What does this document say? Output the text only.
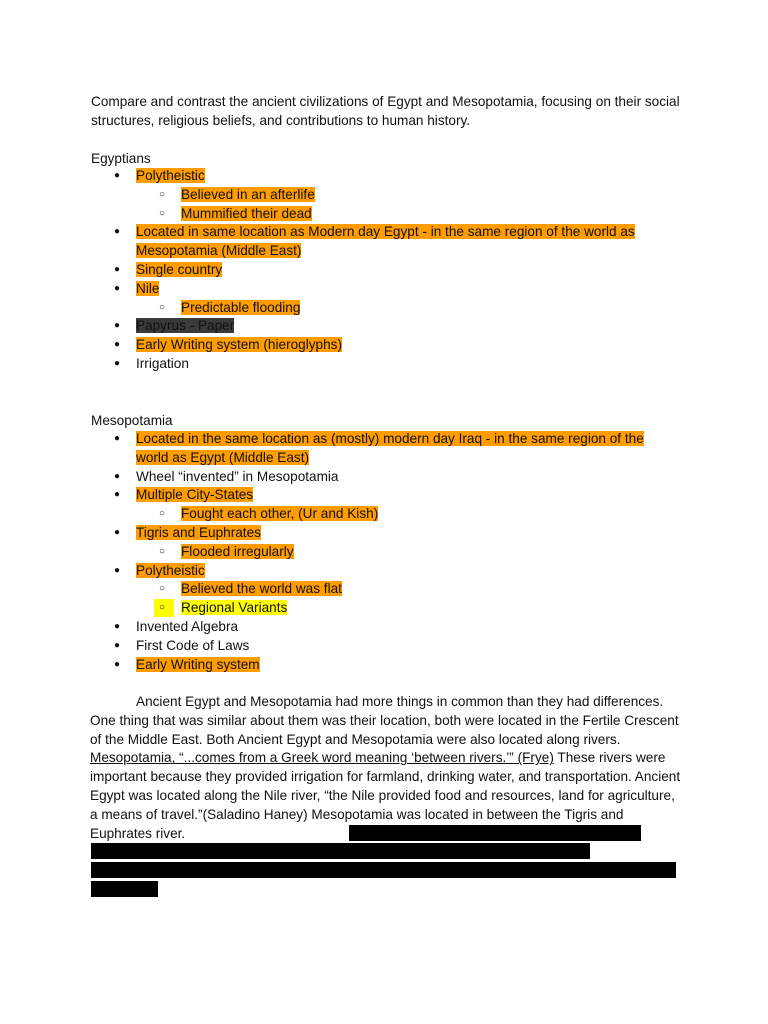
Compare and contrast the ancient civilizations of Egypt and Mesopotamia, focusing on their social structures, religious beliefs, and contributions to human history.

Egyptians

● Polytheistic
○ Believed in an afterlife
○ Mummified their dead
● Located in same location as Modern day Egypt - in the same region of the world as Mesopotamia (Middle East)
● Single country
● Nile
○ Predictable flooding
● Papyrus - Paper
● Early Writing system (hieroglyphs)
● Irrigation

Mesopotamia

● Located in the same location as (mostly) modern day Iraq - in the same region of the world as Egypt (Middle East)
● Wheel “invented” in Mesopotamia
● Multiple City-States
○ Fought each other, (Ur and Kish)
● Tigris and Euphrates
○ Flooded irregularly
● Polytheistic
○ Believed the world was flat
○ Regional Variants
● Invented Algebra
● First Code of Laws
● Early Writing system

Ancient Egypt and Mesopotamia had more things in common than they had differences. One thing that was similar about them was their location, both were located in the Fertile Crescent of the Middle East. Both Ancient Egypt and Mesopotamia were also located along rivers. Mesopotamia, “...comes from a Greek word meaning ‘between rivers.’” (Frye) These rivers were important because they provided irrigation for farmland, drinking water, and transportation. Ancient Egypt was located along the Nile river, “the Nile provided food and resources, land for agriculture, a means of travel.”(Saladino Haney) Mesopotamia was located in between the Tigris and Euphrates river.
